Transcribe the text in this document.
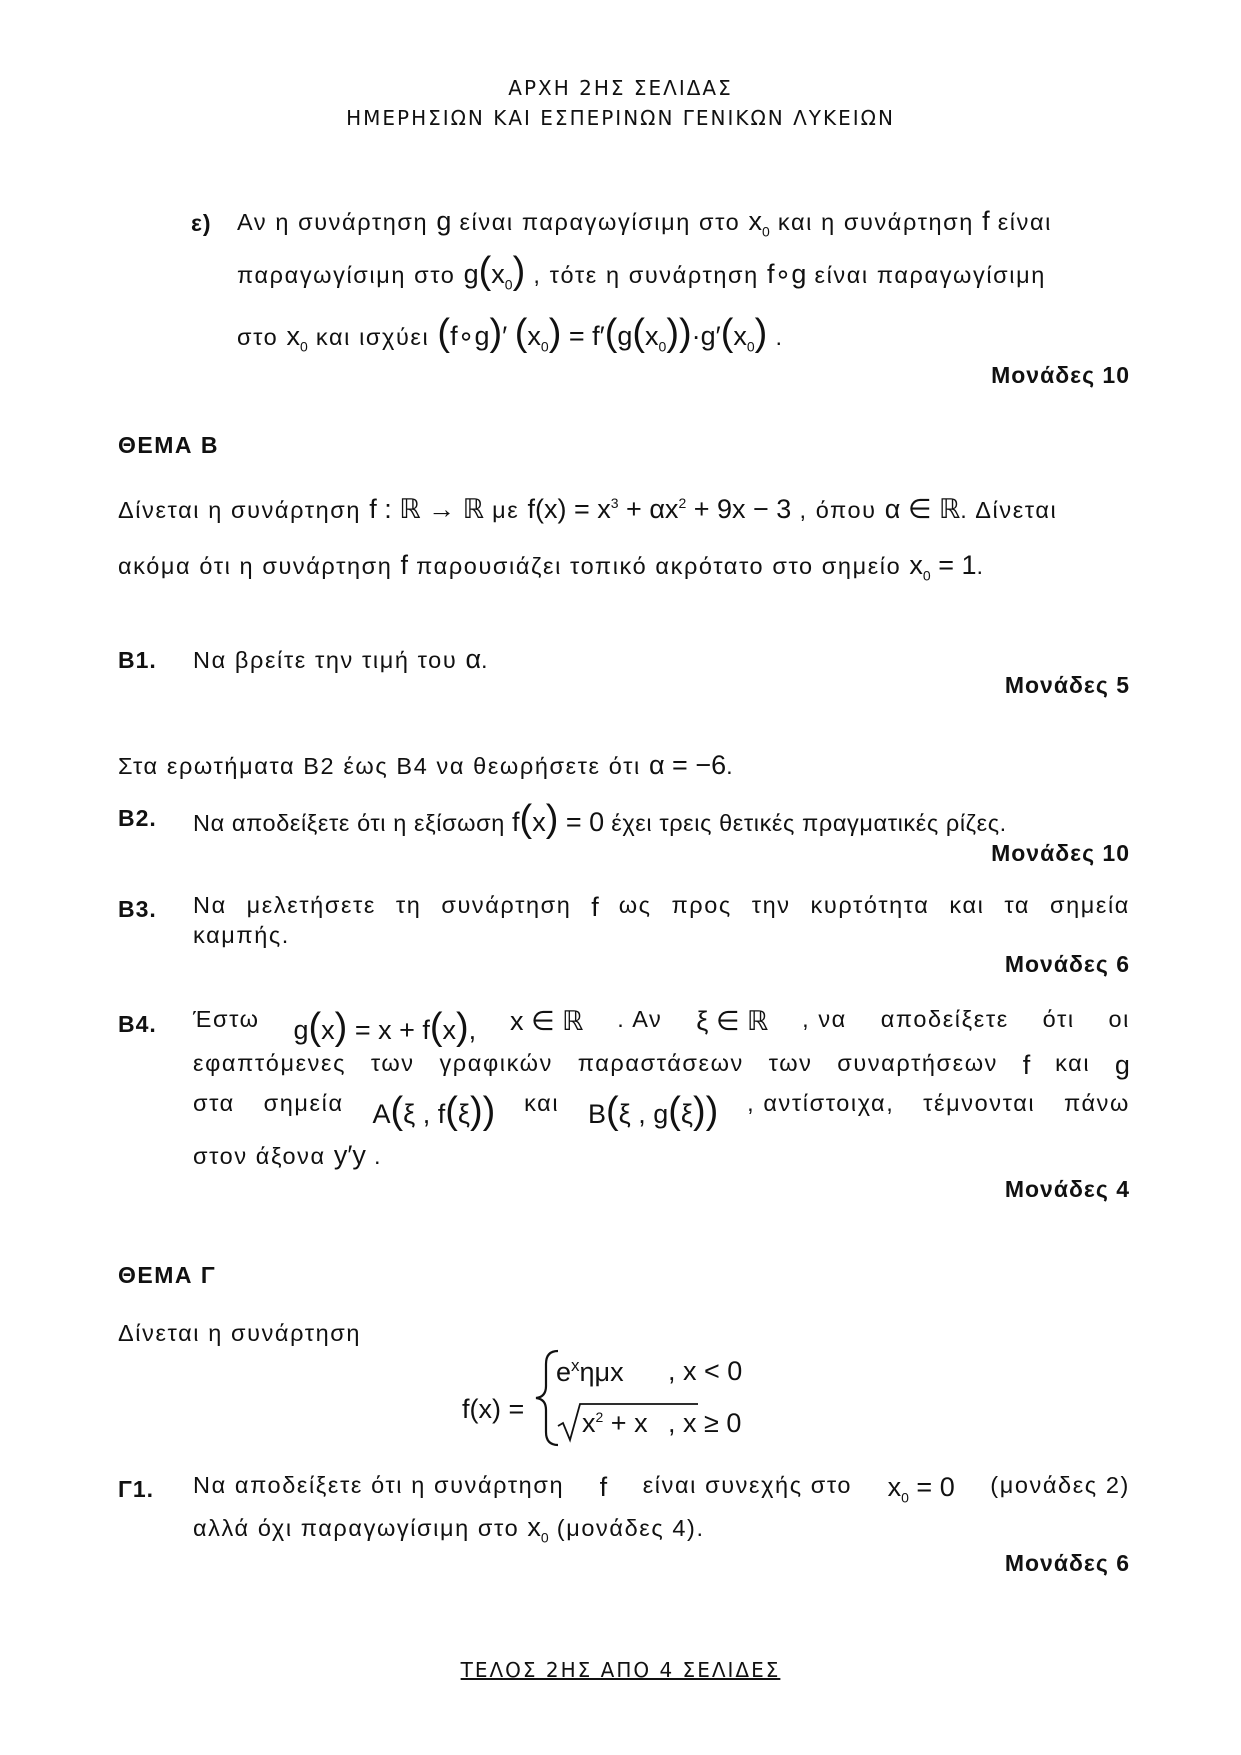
ΑΡΧΗ 2ΗΣ ΣΕΛΙΔΑΣ
ΗΜΕΡΗΣΙΩΝ ΚΑΙ ΕΣΠΕΡΙΝΩΝ ΓΕΝΙΚΩΝ ΛΥΚΕΙΩΝ
ε) Αν η συνάρτηση g είναι παραγωγίσιμη στο $x_0$ και η συνάρτηση f είναι
παραγωγίσιμη στο $g(x_0)$ , τότε η συνάρτηση f∘g είναι παραγωγίσιμη
στο $x_0$ και ισχύει (f∘g)′ $(x_0) = f'(g(x_0))\cdot g'(x_0)$ .
Μονάδες 10
ΘΕΜΑ Β
Δίνεται η συνάρτηση f : ℝ → ℝ με $f(x) = x^3 + \alpha x^2 + 9x - 3$ , όπου α ∈ ℝ. Δίνεται
ακόμα ότι η συνάρτηση f παρουσιάζει τοπικό ακρότατο στο σημείο $x_0 = 1$.
Β1. Να βρείτε την τιμή του α.
Μονάδες 5
Στα ερωτήματα Β2 έως Β4 να θεωρήσετε ότι α = −6.
Β2. Να αποδείξετε ότι η εξίσωση f(x) = 0 έχει τρεις θετικές πραγματικές ρίζες.
Μονάδες 10
Β3. Να μελετήσετε τη συνάρτηση f ως προς την κυρτότητα και τα σημεία
καμπής.
Μονάδες 6
Β4. Έστω g(x) = x + f(x), x ∈ ℝ . Αν ξ ∈ ℝ , να αποδείξετε ότι οι
εφαπτόμενες των γραφικών παραστάσεων των συναρτήσεων f και g
στα σημεία Α(ξ , f(ξ)) και Β(ξ , g(ξ)) , αντίστοιχα, τέμνονται πάνω
στον άξονα y′y .
Μονάδες 4
ΘΕΜΑ Γ
Δίνεται η συνάρτηση
f(x) =
$e^x\eta\mu x$ , x < 0
$x^2 + x$ , x ≥ 0
Γ1. Να αποδείξετε ότι η συνάρτηση f είναι συνεχής στο $x_0 = 0$ (μονάδες 2)
αλλά όχι παραγωγίσιμη στο $x_0$ (μονάδες 4).
Μονάδες 6
ΤΕΛΟΣ 2ΗΣ ΑΠΟ 4 ΣΕΛΙΔΕΣ
